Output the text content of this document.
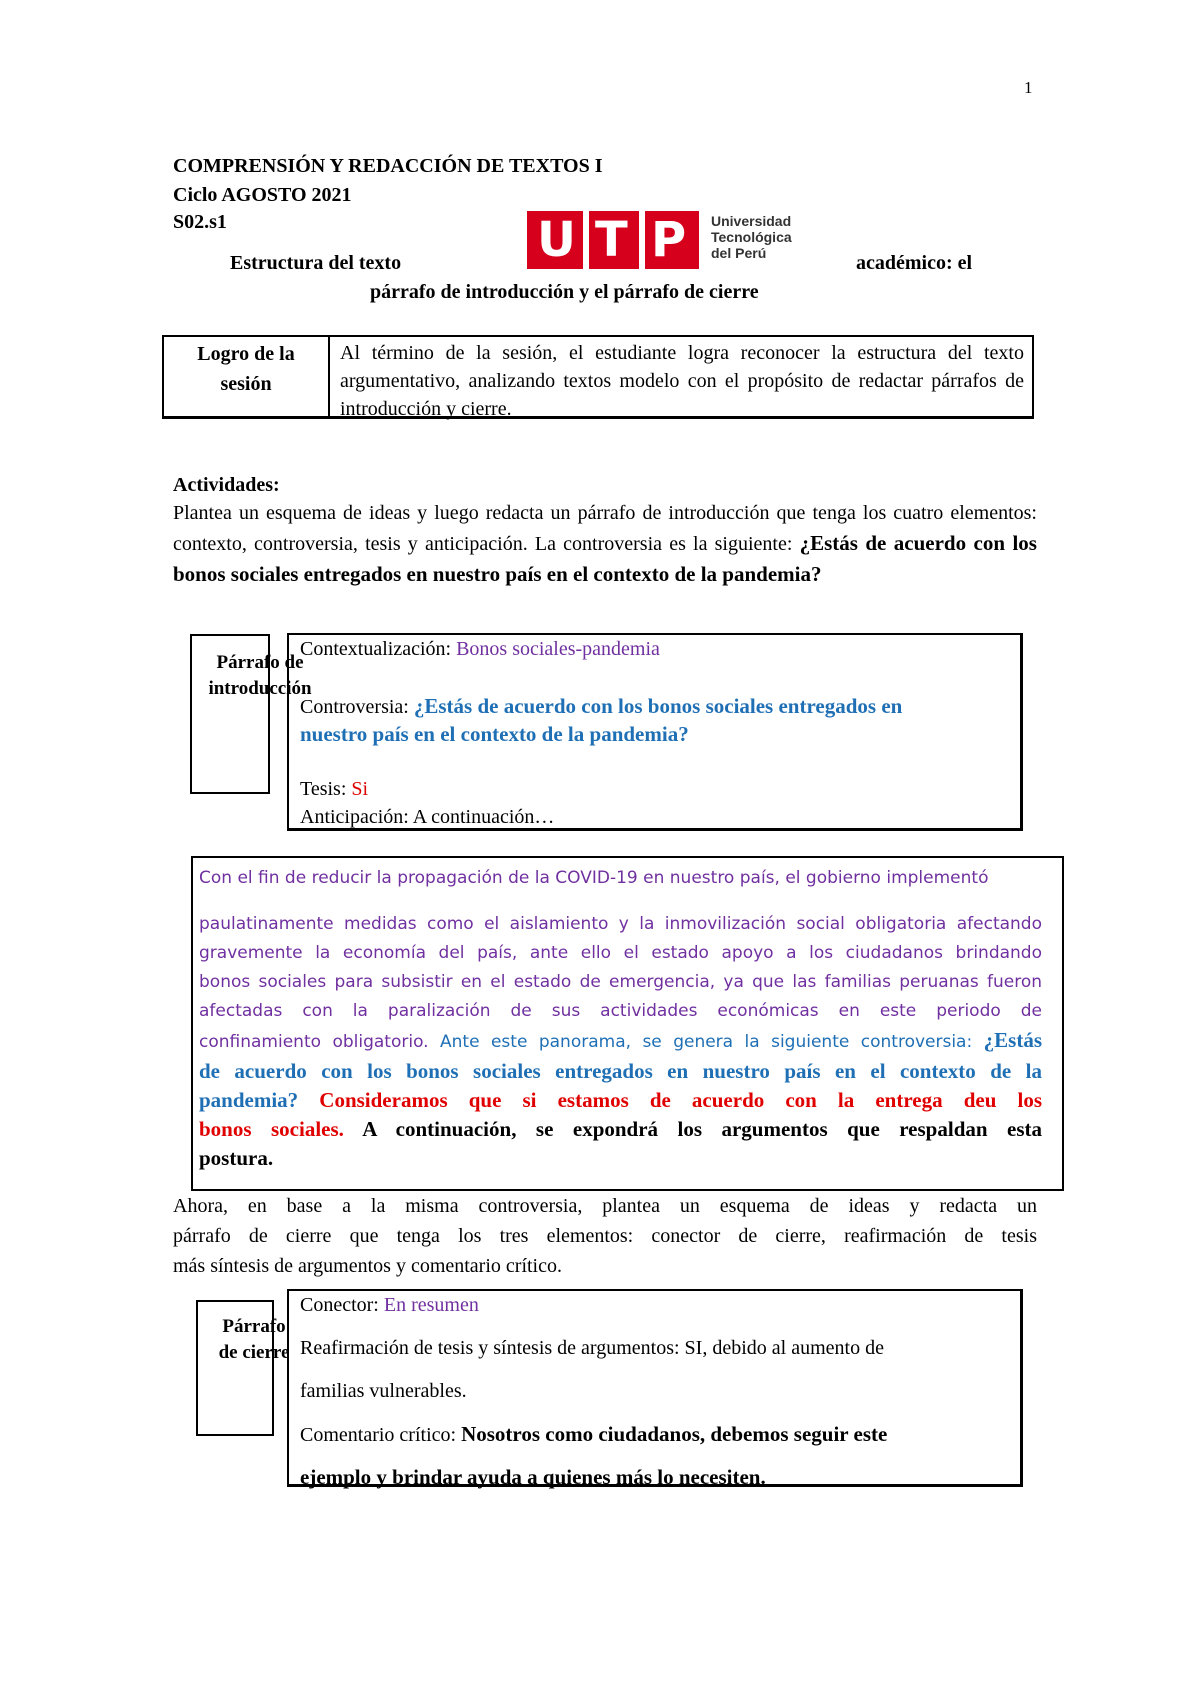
1
COMPRENSIÓN Y REDACCIÓN DE TEXTOS I
Ciclo AGOSTO 2021
S02.s1	U T P Universidad
Tecnológica
del Perú
Estructura del texto	académico: el
párrafo de introducción y el párrafo de cierre
Logro de la
sesión
Al término de la sesión, el estudiante logra reconocer la estructura del texto argumentativo, analizando textos modelo con el propósito de redactar párrafos de introducción y cierre.
Actividades:
Plantea un esquema de ideas y luego redacta un párrafo de introducción que tenga los cuatro elementos: contexto, controversia, tesis y anticipación. La controversia es la siguiente: ¿Estás de acuerdo con los bonos sociales entregados en nuestro país en el contexto de la pandemia?
Párrafo de
introducción
Contextualización: Bonos sociales-pandemia
Controversia: ¿Estás de acuerdo con los bonos sociales entregados en
nuestro país en el contexto de la pandemia?
Tesis: Si
Anticipación: A continuación…
Con el fin de reducir la propagación de la COVID-19 en nuestro país, el gobierno implementó
paulatinamente medidas como el aislamiento y la inmovilización social obligatoria afectando
gravemente la economía del país, ante ello el estado apoyo a los ciudadanos brindando
bonos sociales para subsistir en el estado de emergencia, ya que las familias peruanas fueron
afectadas con la paralización de sus actividades económicas en este periodo de
confinamiento obligatorio. Ante este panorama, se genera la siguiente controversia: ¿Estás
de acuerdo con los bonos sociales entregados en nuestro país en el contexto de la
pandemia? Consideramos que si estamos de acuerdo con la entrega deu los
bonos sociales. A continuación, se expondrá los argumentos que respaldan esta
postura.
Ahora, en base a la misma controversia, plantea un esquema de ideas y redacta un
párrafo de cierre que tenga los tres elementos: conector de cierre, reafirmación de tesis
más síntesis de argumentos y comentario crítico.
Párrafo
de cierre
Conector: En resumen
Reafirmación de tesis y síntesis de argumentos: SI, debido al aumento de
familias vulnerables.
Comentario crítico: Nosotros como ciudadanos, debemos seguir este
ejemplo y brindar ayuda a quienes más lo necesiten.
